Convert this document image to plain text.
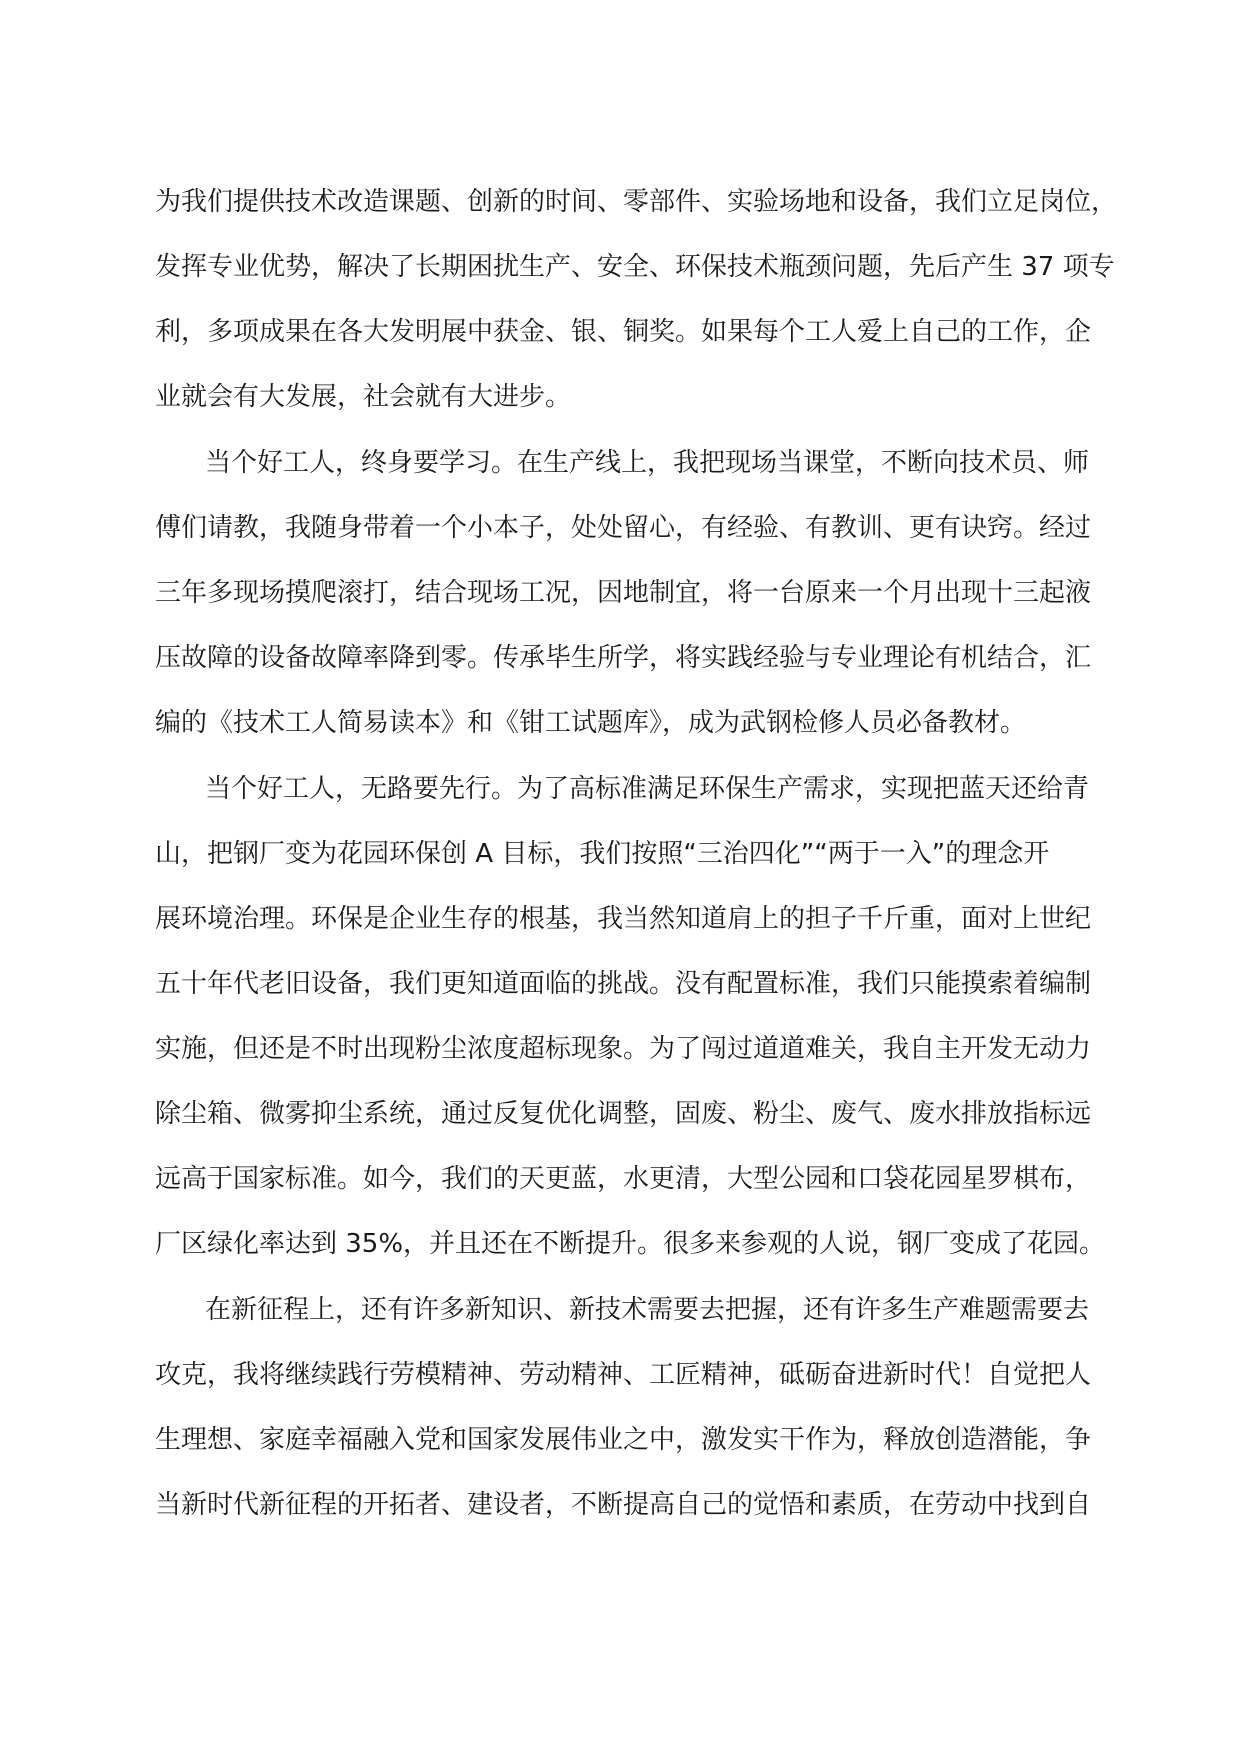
为我们提供技术改造课题、创新的时间、零部件、实验场地和设备，我们立足岗位，
发挥专业优势，解决了长期困扰生产、安全、环保技术瓶颈问题，先后产生 37 项专
利，多项成果在各大发明展中获金、银、铜奖。如果每个工人爱上自己的工作，企
业就会有大发展，社会就有大进步。
当个好工人，终身要学习。在生产线上，我把现场当课堂，不断向技术员、师
傅们请教，我随身带着一个小本子，处处留心，有经验、有教训、更有诀窍。经过
三年多现场摸爬滚打，结合现场工况，因地制宜，将一台原来一个月出现十三起液
压故障的设备故障率降到零。传承毕生所学，将实践经验与专业理论有机结合，汇
编的《技术工人简易读本》和《钳工试题库》，成为武钢检修人员必备教材。
当个好工人，无路要先行。为了高标准满足环保生产需求，实现把蓝天还给青
山，把钢厂变为花园环保创 A 目标，我们按照“三治四化”“两于一入”的理念开
展环境治理。环保是企业生存的根基，我当然知道肩上的担子千斤重，面对上世纪
五十年代老旧设备，我们更知道面临的挑战。没有配置标准，我们只能摸索着编制
实施，但还是不时出现粉尘浓度超标现象。为了闯过道道难关，我自主开发无动力
除尘箱、微雾抑尘系统，通过反复优化调整，固废、粉尘、废气、废水排放指标远
远高于国家标准。如今，我们的天更蓝，水更清，大型公园和口袋花园星罗棋布，
厂区绿化率达到 35%，并且还在不断提升。很多来参观的人说，钢厂变成了花园。
在新征程上，还有许多新知识、新技术需要去把握，还有许多生产难题需要去
攻克，我将继续践行劳模精神、劳动精神、工匠精神，砥砺奋进新时代！自觉把人
生理想、家庭幸福融入党和国家发展伟业之中，激发实干作为，释放创造潜能，争
当新时代新征程的开拓者、建设者，不断提高自己的觉悟和素质，在劳动中找到自
